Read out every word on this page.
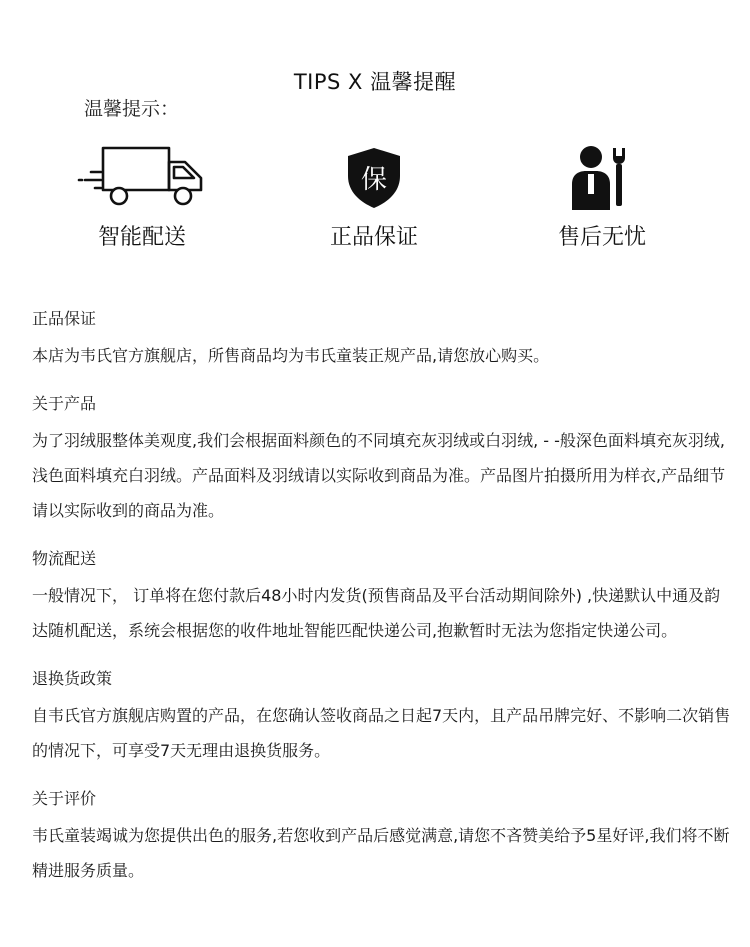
TIPS X 温馨提醒
温馨提示：
智能配送
保
正品保证	售后无忧
正品保证

本店为韦氏官方旗舰店，所售商品均为韦氏童装正规产品,请您放心购买。

关于产品

为了羽绒服整体美观度,我们会根据面料颜色的不同填充灰羽绒或白羽绒, - -般深色面料填充灰羽绒,浅色面料填充白羽绒。产品面料及羽绒请以实际收到商品为准。产品图片拍摄所用为样衣,产品细节请以实际收到的商品为准。

物流配送

一般情况下， 订单将在您付款后48小时内发货(预售商品及平台活动期间除外) ,快递默认中通及韵达随机配送，系统会根据您的收件地址智能匹配快递公司,抱歉暂时无法为您指定快递公司。

退换货政策

自韦氏官方旗舰店购置的产品，在您确认签收商品之日起7天内，且产品吊牌完好、不影响二次销售的情况下，可享受7天无理由退换货服务。

关于评价

韦氏童装竭诚为您提供出色的服务,若您收到产品后感觉满意,请您不吝赞美给予5星好评,我们将不断精进服务质量。
